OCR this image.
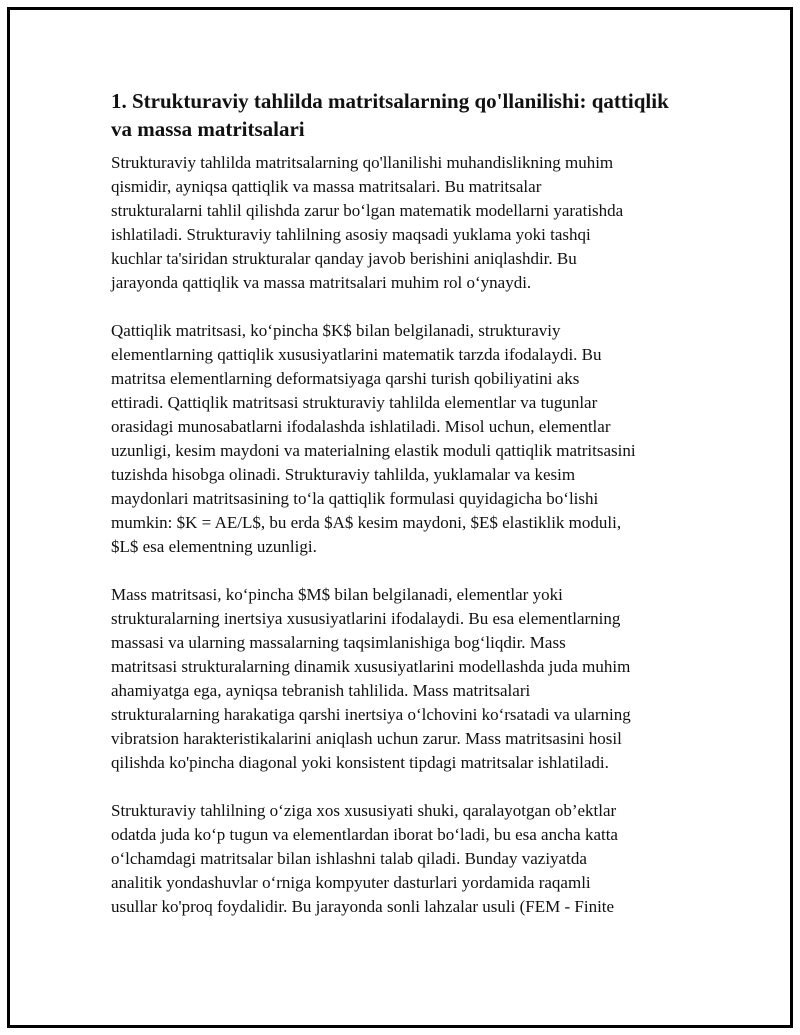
1. Strukturaviy tahlilda matritsalarning qo'llanilishi: qattiqlik
va massa matritsalari

Strukturaviy tahlilda matritsalarning qo'llanilishi muhandislikning muhim
qismidir, ayniqsa qattiqlik va massa matritsalari. Bu matritsalar
strukturalarni tahlil qilishda zarur bo‘lgan matematik modellarni yaratishda
ishlatiladi. Strukturaviy tahlilning asosiy maqsadi yuklama yoki tashqi
kuchlar ta'siridan strukturalar qanday javob berishini aniqlashdir. Bu
jarayonda qattiqlik va massa matritsalari muhim rol o‘ynaydi.

Qattiqlik matritsasi, ko‘pincha $K$ bilan belgilanadi, strukturaviy
elementlarning qattiqlik xususiyatlarini matematik tarzda ifodalaydi. Bu
matritsa elementlarning deformatsiyaga qarshi turish qobiliyatini aks
ettiradi. Qattiqlik matritsasi strukturaviy tahlilda elementlar va tugunlar
orasidagi munosabatlarni ifodalashda ishlatiladi. Misol uchun, elementlar
uzunligi, kesim maydoni va materialning elastik moduli qattiqlik matritsasini
tuzishda hisobga olinadi. Strukturaviy tahlilda, yuklamalar va kesim
maydonlari matritsasining to‘la qattiqlik formulasi quyidagicha bo‘lishi
mumkin: $K = AE/L$, bu erda $A$ kesim maydoni, $E$ elastiklik moduli,
$L$ esa elementning uzunligi.

Mass matritsasi, ko‘pincha $M$ bilan belgilanadi, elementlar yoki
strukturalarning inertsiya xususiyatlarini ifodalaydi. Bu esa elementlarning
massasi va ularning massalarning taqsimlanishiga bog‘liqdir. Mass
matritsasi strukturalarning dinamik xususiyatlarini modellashda juda muhim
ahamiyatga ega, ayniqsa tebranish tahlilida. Mass matritsalari
strukturalarning harakatiga qarshi inertsiya o‘lchovini ko‘rsatadi va ularning
vibratsion harakteristikalarini aniqlash uchun zarur. Mass matritsasini hosil
qilishda ko'pincha diagonal yoki konsistent tipdagi matritsalar ishlatiladi.

Strukturaviy tahlilning o‘ziga xos xususiyati shuki, qaralayotgan ob’ektlar
odatda juda ko‘p tugun va elementlardan iborat bo‘ladi, bu esa ancha katta
o‘lchamdagi matritsalar bilan ishlashni talab qiladi. Bunday vaziyatda
analitik yondashuvlar o‘rniga kompyuter dasturlari yordamida raqamli
usullar ko'proq foydalidir. Bu jarayonda sonli lahzalar usuli (FEM - Finite
